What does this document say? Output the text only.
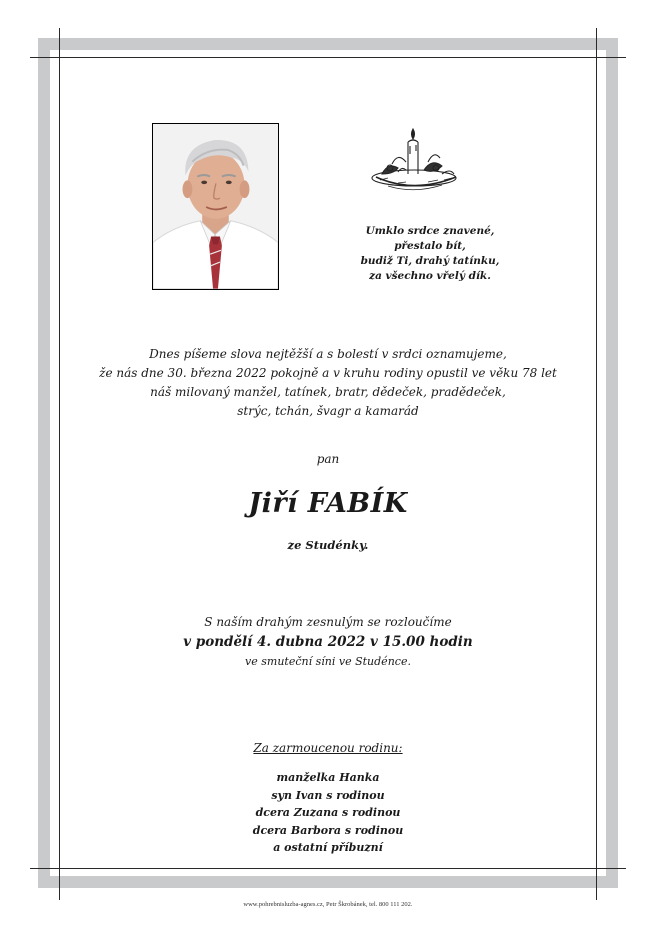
Umklo srdce znavené,
přestalo bít,
budiž Ti, drahý tatínku,
za všechno vřelý dík.
Dnes píšeme slova nejtěžší a s bolestí v srdci oznamujeme,
že nás dne 30. března 2022 pokojně a v kruhu rodiny opustil ve věku 78 let
náš milovaný manžel, tatínek, bratr, dědeček, pradědeček,
strýc, tchán, švagr a kamarád
pan
Jiří FABÍK
ze Studénky.
S naším drahým zesnulým se rozloučíme
v pondělí 4. dubna 2022 v 15.00 hodin
ve smuteční síni ve Studénce.
Za zarmoucenou rodinu:
manželka Hanka
syn Ivan s rodinou
dcera Zuzana s rodinou
dcera Barbora s rodinou
a ostatní příbuzní
www.pohrebnisluzba-agnes.cz, Petr Škrobánek, tel. 800 111 202.
